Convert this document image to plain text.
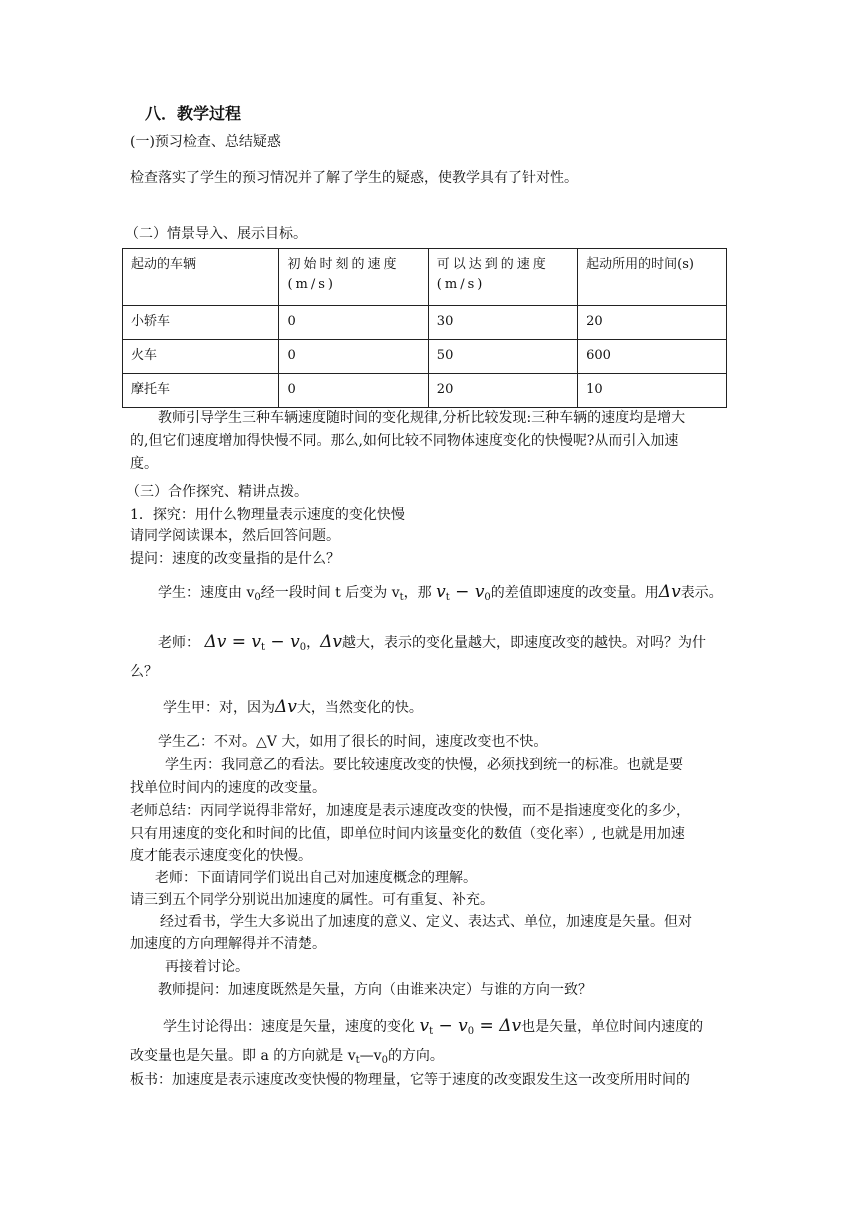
八．教学过程
(一)预习检查、总结疑惑
检查落实了学生的预习情况并了解了学生的疑惑，使教学具有了针对性。
（二）情景导入、展示目标。
起动的车辆	初始时刻的速度(m/s)	可以达到的速度(m/s)	起动所用的时间(s)
小轿车	0	30	20
火车	0	50	600
摩托车	0	20	10
教师引导学生三种车辆速度随时间的变化规律,分析比较发现:三种车辆的速度均是增大
的,但它们速度增加得快慢不同。那么,如何比较不同物体速度变化的快慢呢?从而引入加速
度。
（三）合作探究、精讲点拨。
1．探究：用什么物理量表示速度的变化快慢
请同学阅读课本，然后回答问题。
提问：速度的改变量指的是什么？
学生：速度由 $v_0$经一段时间 t 后变为 $v_t$，那 $v_t - v_0$的差值即速度的改变量。用Δv表示。
老师： $\Delta v = v_t - v_0$，Δv越大，表示的变化量越大，即速度改变的越快。对吗？为什
么？
学生甲：对，因为Δv大，当然变化的快。
学生乙：不对。△V 大，如用了很长的时间，速度改变也不快。
学生丙：我同意乙的看法。要比较速度改变的快慢，必须找到统一的标准。也就是要
找单位时间内的速度的改变量。
老师总结：丙同学说得非常好，加速度是表示速度改变的快慢，而不是指速度变化的多少，
只有用速度的变化和时间的比值，即单位时间内该量变化的数值（变化率）, 也就是用加速
度才能表示速度变化的快慢。
老师：下面请同学们说出自己对加速度概念的理解。
请三到五个同学分别说出加速度的属性。可有重复、补充。
经过看书，学生大多说出了加速度的意义、定义、表达式、单位，加速度是矢量。但对
加速度的方向理解得并不清楚。
再接着讨论。
教师提问：加速度既然是矢量，方向（由谁来决定）与谁的方向一致？
学生讨论得出：速度是矢量，速度的变化 $v_t - v_0 = \Delta v$也是矢量，单位时间内速度的
改变量也是矢量。即 a 的方向就是 $v_t—v_0$的方向。
板书：加速度是表示速度改变快慢的物理量，它等于速度的改变跟发生这一改变所用时间的
